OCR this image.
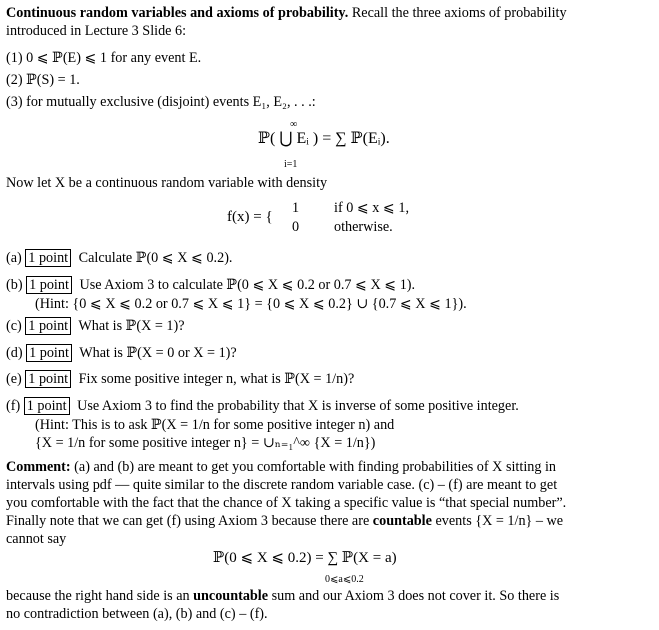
Continuous random variables and axioms of probability. Recall the three axioms of probability
introduced in Lecture 3 Slide 6:
(1) 0 ⩽ ℙ(E) ⩽ 1 for any event E.
(2) ℙ(S) = 1.
(3) for mutually exclusive (disjoint) events E₁, E₂, . . .:
∞
ℙ( ⋃ Eᵢ ) = ∑ ℙ(Eᵢ).
i=1
Now let X be a continuous random variable with density
f(x) = {
1 if 0 ⩽ x ⩽ 1,
0 otherwise.
(a) 1 point Calculate ℙ(0 ⩽ X ⩽ 0.2).
(b) 1 point Use Axiom 3 to calculate ℙ(0 ⩽ X ⩽ 0.2 or 0.7 ⩽ X ⩽ 1).
(Hint: {0 ⩽ X ⩽ 0.2 or 0.7 ⩽ X ⩽ 1} = {0 ⩽ X ⩽ 0.2} ∪ {0.7 ⩽ X ⩽ 1}).
(c) 1 point What is ℙ(X = 1)?
(d) 1 point What is ℙ(X = 0 or X = 1)?
(e) 1 point Fix some positive integer n, what is ℙ(X = 1/n)?
(f) 1 point Use Axiom 3 to find the probability that X is inverse of some positive integer.
(Hint: This is to ask ℙ(X = 1/n for some positive integer n) and
{X = 1/n for some positive integer n} = ∪ₙ₌₁^∞ {X = 1/n})
Comment: (a) and (b) are meant to get you comfortable with finding probabilities of X sitting in
intervals using pdf — quite similar to the discrete random variable case. (c) – (f) are meant to get
you comfortable with the fact that the chance of X taking a specific value is “that special number”.
Finally note that we can get (f) using Axiom 3 because there are countable events {X = 1/n} – we
cannot say
ℙ(0 ⩽ X ⩽ 0.2) = ∑ ℙ(X = a)
0⩽a⩽0.2
because the right hand side is an uncountable sum and our Axiom 3 does not cover it. So there is
no contradiction between (a), (b) and (c) – (f).
